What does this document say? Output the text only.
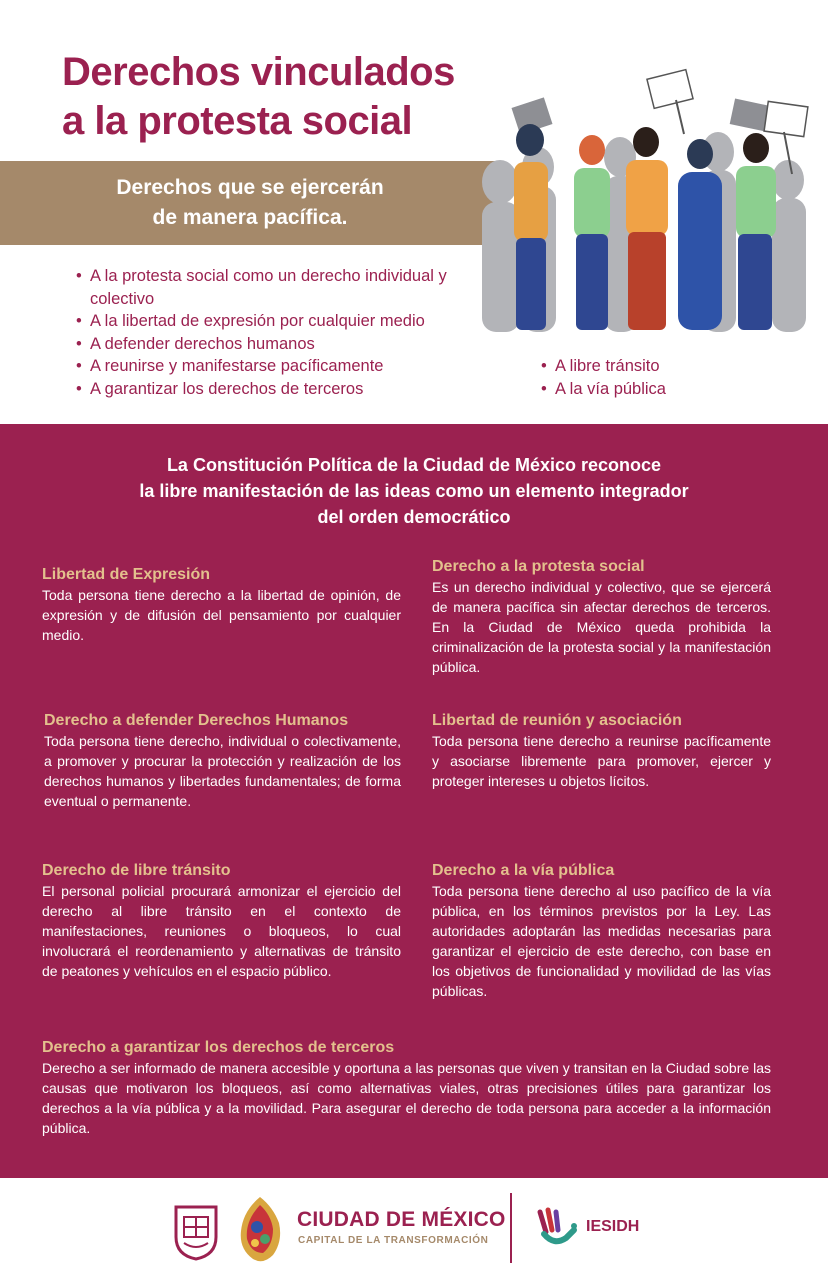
Derechos vinculados
a la protesta social
Derechos que se ejercerán
de manera pacífica.
• A la protesta social como un derecho individual y colectivo
• A la libertad de expresión por cualquier medio
• A defender derechos humanos
• A reunirse y manifestarse pacíficamente
• A garantizar los derechos de terceros
• A libre tránsito
• A la vía pública
La Constitución Política de la Ciudad de México reconoce
la libre manifestación de las ideas como un elemento integrador
del orden democrático
Libertad de Expresión

Toda persona tiene derecho a la libertad de opinión, de expresión y de difusión del pensamiento por cualquier medio.

Derecho a la protesta social

Es un derecho individual y colectivo, que se ejercerá de manera pacífica sin afectar derechos de terceros. En la Ciudad de México queda prohibida la criminalización de la protesta social y la manifestación pública.

Derecho a defender Derechos Humanos

Toda persona tiene derecho, individual o colectivamente, a promover y procurar la protección y realización de los derechos humanos y libertades fundamentales; de forma eventual o permanente.

Libertad de reunión y asociación

Toda persona tiene derecho a reunirse pacíficamente y asociarse libremente para promover, ejercer y proteger intereses u objetos lícitos.

Derecho de libre tránsito

El personal policial procurará armonizar el ejercicio del derecho al libre tránsito en el contexto de manifestaciones, reuniones o bloqueos, lo cual involucrará el reordenamiento y alternativas de tránsito de peatones y vehículos en el espacio público.

Derecho a la vía pública

Toda persona tiene derecho al uso pacífico de la vía pública, en los términos previstos por la Ley. Las autoridades adoptarán las medidas necesarias para garantizar el ejercicio de este derecho, con base en los objetivos de funcionalidad y movilidad de las vías públicas.

Derecho a garantizar los derechos de terceros

Derecho a ser informado de manera accesible y oportuna a las personas que viven y transitan en la Ciudad sobre las causas que motivaron los bloqueos, así como alternativas viales, otras precisiones útiles para garantizar los derechos a la vía pública y a la movilidad. Para asegurar el derecho de toda persona para acceder a la información pública.

CIUDAD DE MÉXICO
CAPITAL DE LA TRANSFORMACIÓN
IESIDH
